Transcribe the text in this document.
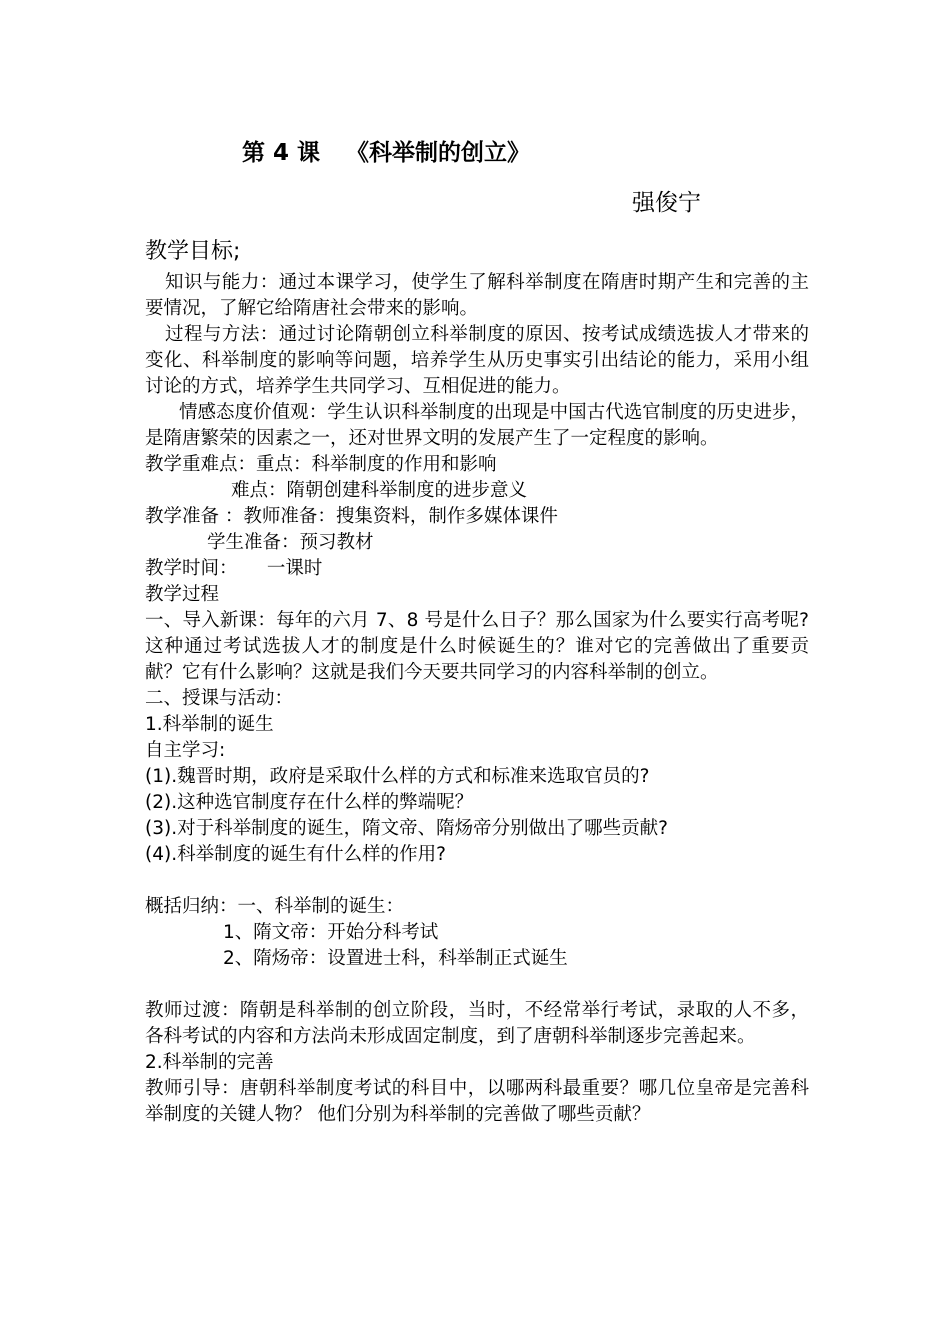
第 4 课 《科举制的创立》
强俊宁
教学目标;

知识与能力：通过本课学习，使学生了解科举制度在隋唐时期产生和完善的主要情况，了解它给隋唐社会带来的影响。

过程与方法：通过讨论隋朝创立科举制度的原因、按考试成绩选拔人才带来的变化、科举制度的影响等问题，培养学生从历史事实引出结论的能力，采用小组讨论的方式，培养学生共同学习、互相促进的能力。

情感态度价值观：学生认识科举制度的出现是中国古代选官制度的历史进步，是隋唐繁荣的因素之一，还对世界文明的发展产生了一定程度的影响。

教学重难点：重点：科举制度的作用和影响

难点：隋朝创建科举制度的进步意义

教学准备 ：教师准备：搜集资料，制作多媒体课件

学生准备：预习教材

教学时间：     一课时

教学过程

一、导入新课：每年的六月 7、8 号是什么日子？那么国家为什么要实行高考呢?这种通过考试选拔人才的制度是什么时候诞生的？谁对它的完善做出了重要贡献？它有什么影响？这就是我们今天要共同学习的内容科举制的创立。

二、授课与活动：

1.科举制的诞生

自主学习:

(1).魏晋时期，政府是采取什么样的方式和标准来选取官员的?

(2).这种选官制度存在什么样的弊端呢？

(3).对于科举制度的诞生，隋文帝、隋炀帝分别做出了哪些贡献?

(4).科举制度的诞生有什么样的作用?

概括归纳：一、科举制的诞生：

1、隋文帝：开始分科考试

2、隋炀帝：设置进士科，科举制正式诞生

教师过渡：隋朝是科举制的创立阶段，当时，不经常举行考试，录取的人不多，各科考试的内容和方法尚未形成固定制度，到了唐朝科举制逐步完善起来。

2.科举制的完善

教师引导：唐朝科举制度考试的科目中，以哪两科最重要？哪几位皇帝是完善科举制度的关键人物？ 他们分别为科举制的完善做了哪些贡献？
